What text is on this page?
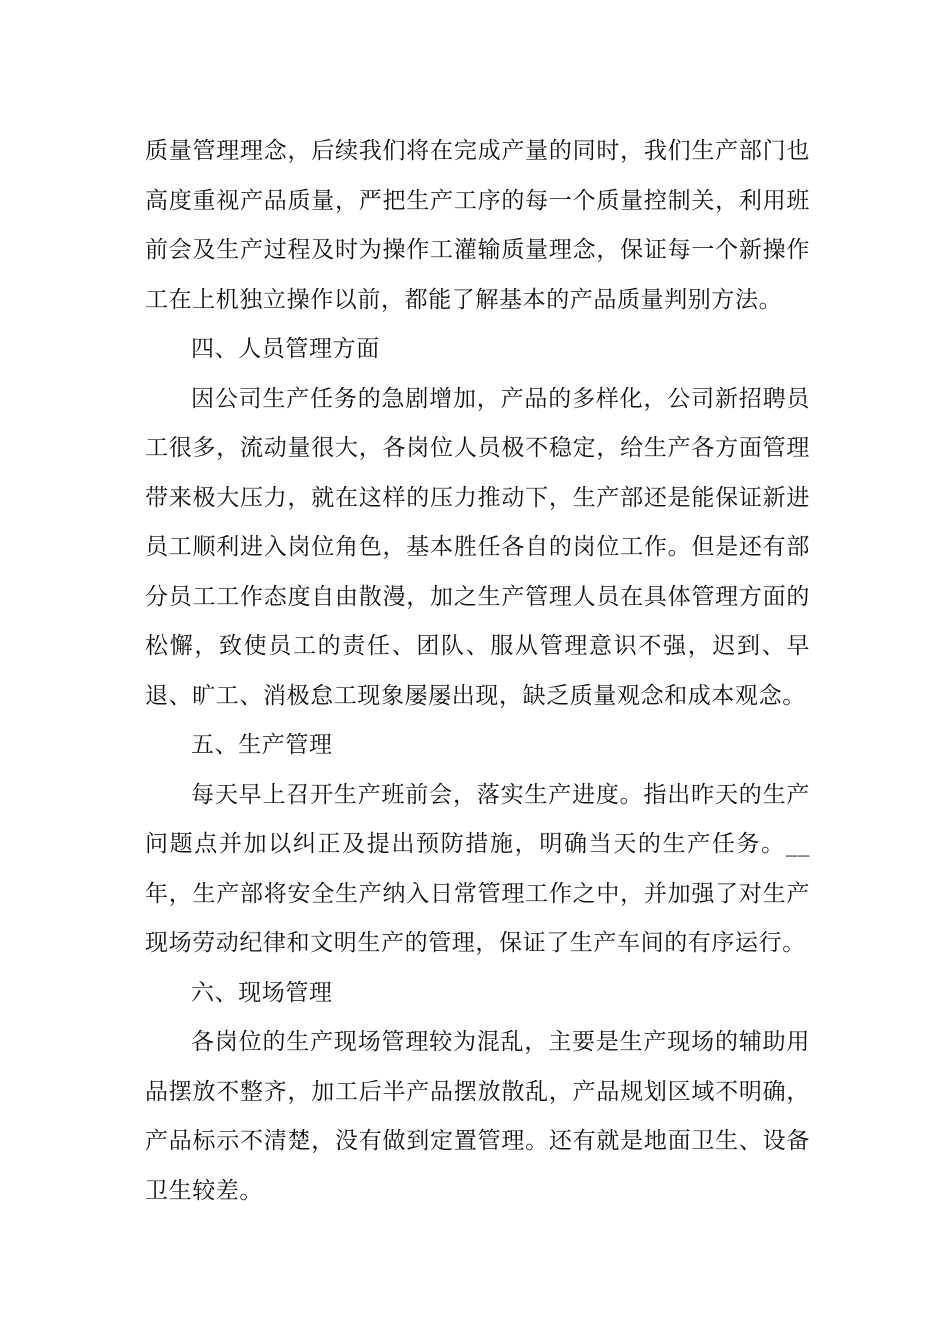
质量管理理念，后续我们将在完成产量的同时，我们生产部门也高度重视产品质量，严把生产工序的每一个质量控制关，利用班前会及生产过程及时为操作工灌输质量理念，保证每一个新操作工在上机独立操作以前，都能了解基本的产品质量判别方法。

四、人员管理方面

因公司生产任务的急剧增加，产品的多样化，公司新招聘员工很多，流动量很大，各岗位人员极不稳定，给生产各方面管理带来极大压力，就在这样的压力推动下，生产部还是能保证新进员工顺利进入岗位角色，基本胜任各自的岗位工作。但是还有部分员工工作态度自由散漫，加之生产管理人员在具体管理方面的松懈，致使员工的责任、团队、服从管理意识不强，迟到、早退、旷工、消极怠工现象屡屡出现，缺乏质量观念和成本观念。

五、生产管理

每天早上召开生产班前会，落实生产进度。指出昨天的生产问题点并加以纠正及提出预防措施，明确当天的生产任务。__年，生产部将安全生产纳入日常管理工作之中，并加强了对生产现场劳动纪律和文明生产的管理，保证了生产车间的有序运行。

六、现场管理

各岗位的生产现场管理较为混乱，主要是生产现场的辅助用品摆放不整齐，加工后半产品摆放散乱，产品规划区域不明确，产品标示不清楚，没有做到定置管理。还有就是地面卫生、设备卫生较差。
